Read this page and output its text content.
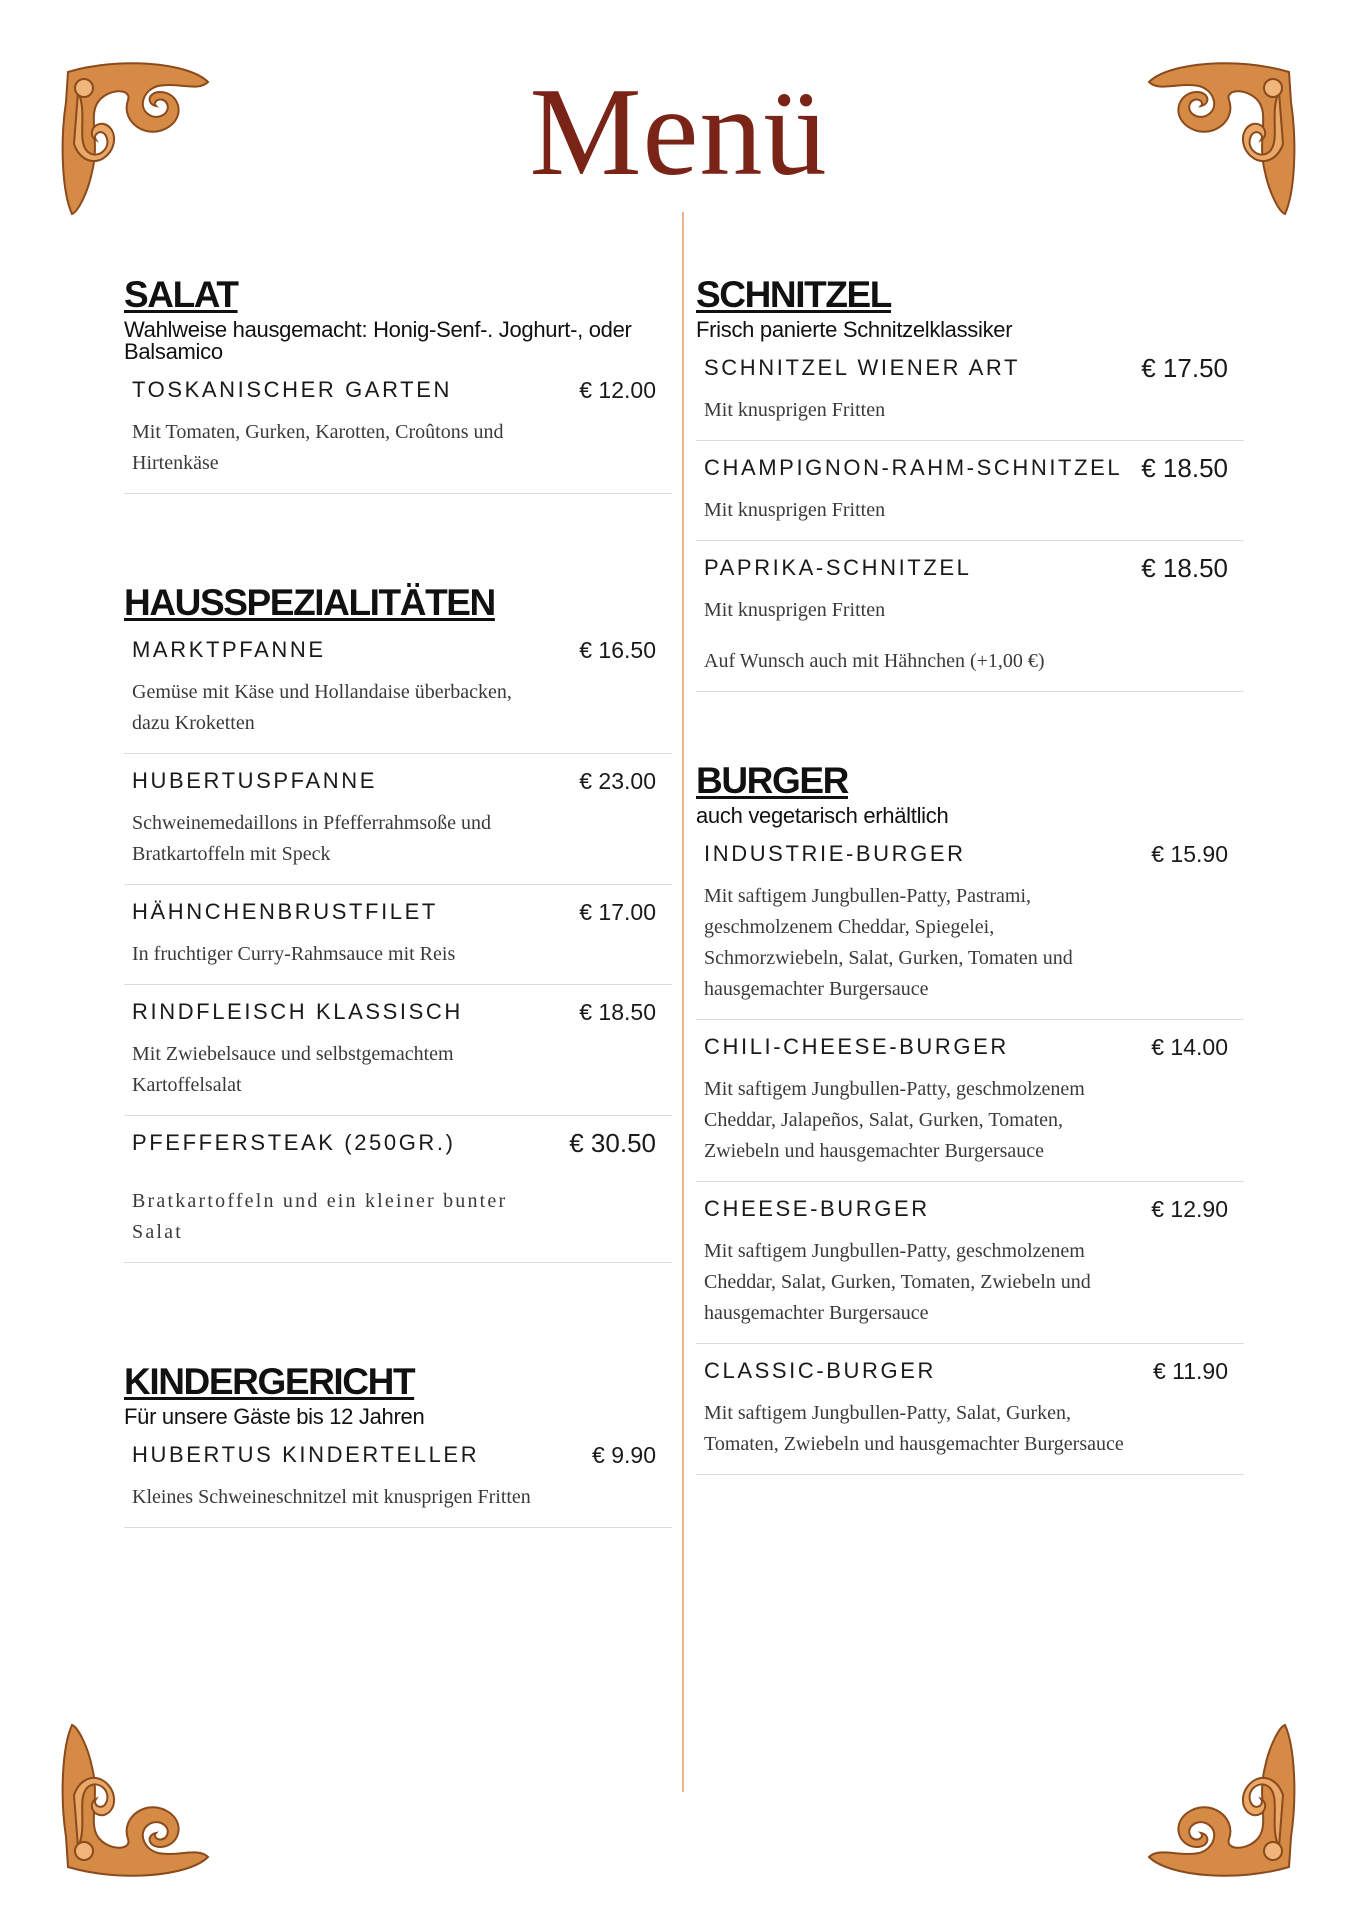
Menü
SALAT
Wahlweise hausgemacht: Honig-Senf-. Joghurt-, oder Balsamico
TOSKANISCHER GARTEN	€ 12.00
Mit Tomaten, Gurken, Karotten, Croûtons und Hirtenkäse
HAUSSPEZIALITÄTEN
MARKTPFANNE	€ 16.50
Gemüse mit Käse und Hollandaise überbacken, dazu Kroketten
HUBERTUSPFANNE	€ 23.00
Schweinemedaillons in Pfefferrahmsoße und Bratkartoffeln mit Speck
HÄHNCHENBRUSTFILET	€ 17.00
In fruchtiger Curry-Rahmsauce mit Reis
RINDFLEISCH KLASSISCH	€ 18.50
Mit Zwiebelsauce und selbstgemachtem Kartoffelsalat
PFEFFERSTEAK (250GR.)	€ 30.50
Bratkartoffeln und ein kleiner bunter Salat
KINDERGERICHT
Für unsere Gäste bis 12 Jahren
HUBERTUS KINDERTELLER	€ 9.90
Kleines Schweineschnitzel mit knusprigen Fritten
SCHNITZEL
Frisch panierte Schnitzelklassiker
SCHNITZEL WIENER ART	€ 17.50
Mit knusprigen Fritten
CHAMPIGNON-RAHM-SCHNITZEL € 18.50
Mit knusprigen Fritten
PAPRIKA-SCHNITZEL	€ 18.50
Mit knusprigen Fritten
Auf Wunsch auch mit Hähnchen (+1,00 €)
BURGER
auch vegetarisch erhältlich
INDUSTRIE-BURGER	€ 15.90
Mit saftigem Jungbullen-Patty, Pastrami, geschmolzenem Cheddar, Spiegelei, Schmorzwiebeln, Salat, Gurken, Tomaten und hausgemachter Burgersauce
CHILI-CHEESE-BURGER	€ 14.00
Mit saftigem Jungbullen-Patty, geschmolzenem Cheddar, Jalapeños, Salat, Gurken, Tomaten, Zwiebeln und hausgemachter Burgersauce
CHEESE-BURGER	€ 12.90
Mit saftigem Jungbullen-Patty, geschmolzenem Cheddar, Salat, Gurken, Tomaten, Zwiebeln und hausgemachter Burgersauce
CLASSIC-BURGER	€ 11.90
Mit saftigem Jungbullen-Patty, Salat, Gurken, Tomaten, Zwiebeln und hausgemachter Burgersauce
